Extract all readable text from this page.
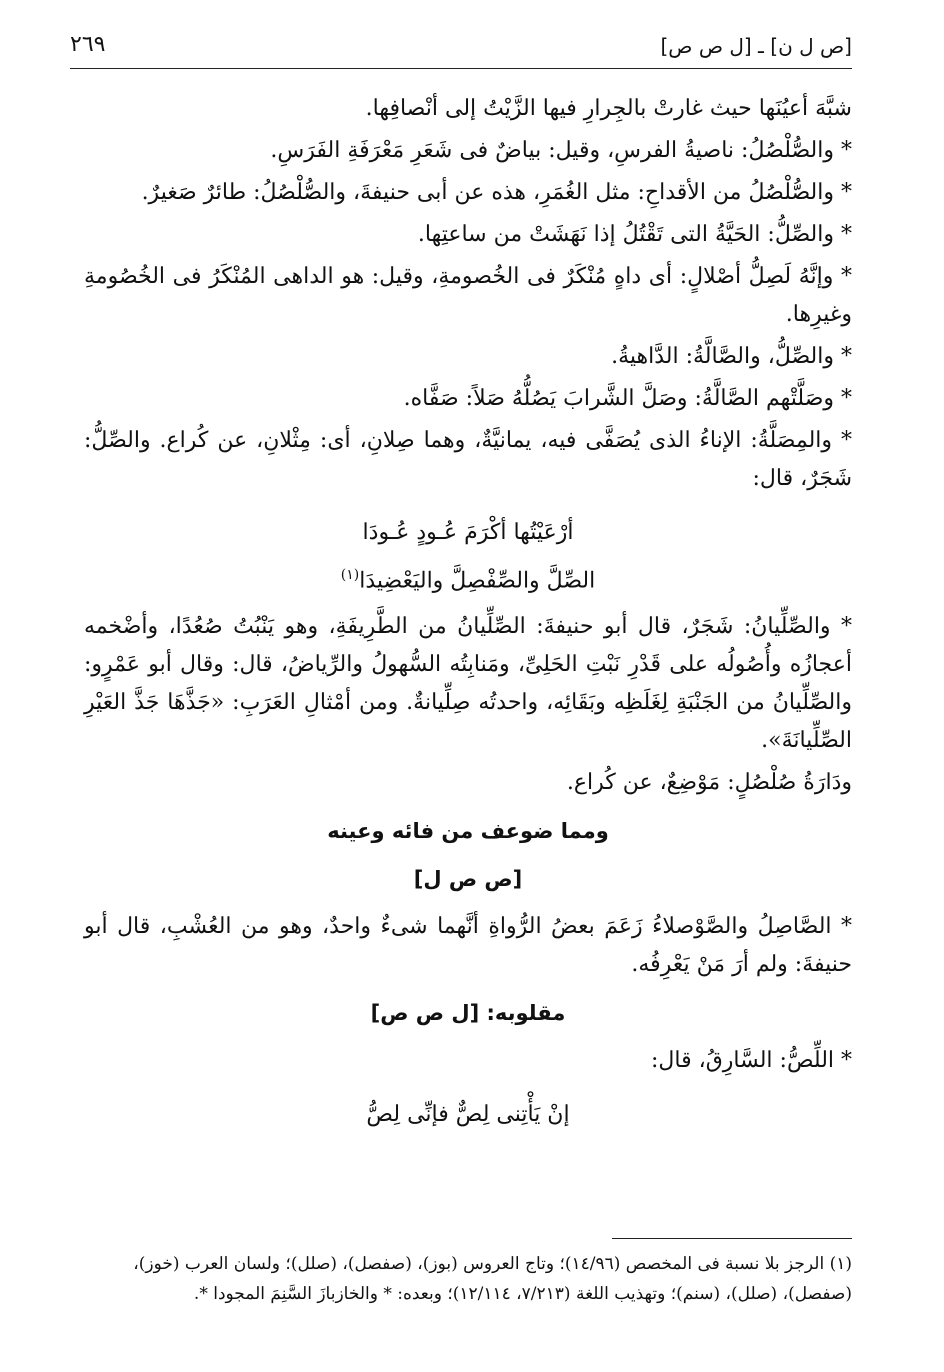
٢٦٩	[ص ل ن] ـ [ل ص ص]

شبَّهَ أعيُنَها حيث غارتْ بالجِرارِ فيها الزَّيْتُ إلى أنْصافِها.

* والصُّلْصُلُ: ناصيةُ الفرسِ، وقيل: بياضٌ فى شَعَرِ مَعْرَفَةِ الفَرَسِ.

* والصُّلْصُلُ من الأقداحِ: مثل الغُمَرِ، هذه عن أبى حنيفةَ، والصُّلْصُلُ: طائرٌ صَغيرٌ.

* والصِّلُّ: الحَيَّةُ التى تَقْتُلُ إذا نَهَشَتْ من ساعتِها.

* وإنَّهُ لَصِلُّ أصْلالٍ: أى داهٍ مُنْكَرٌ فى الخُصومةِ، وقيل: هو الداهى المُنْكَرُ فى الخُصُومةِ وغيرِها.

* والصِّلُّ، والصَّالَّةُ: الدَّاهيةُ.

* وصَلَّتْهم الصَّالَّةُ: وصَلَّ الشَّرابَ يَصُلُّهُ صَلاً: صَفَّاه.

* والمِصَلَّةُ: الإناءُ الذى يُصَفَّى فيه، يمانيَّةٌ، وهما صِلانِ، أى: مِثْلانِ، عن كُراع. والصِّلُّ: شَجَرٌ، قال:

أرْعَيْتُها أكْرَمَ عُـودٍ عُـودَا
الصِّلَّ والصِّفْصِلَّ واليَعْضِيدَا$^{(١)}$

* والصِّلِّيانُ: شَجَرٌ، قال أبو حنيفةَ: الصِّلِّيانُ من الطَّرِيفَةِ، وهو يَنْبُتُ صُعُدًا، وأضْخمه أعجازُه وأُصُولُه على قَدْرِ نَبْتِ الحَلِىِّ، ومَنابِتُه السُّهولُ والرِّياضُ، قال: وقال أبو عَمْرٍو: والصِّلِّيانُ من الجَنْبَةِ لِغَلَظِه وبَقَائِه، واحدتُه صِلِّيانةٌ. ومن أمْثالِ العَرَبِ: «جَذَّهَا جَذَّ العَيْرِ الصِّلِّيانَةَ».

ودَارَةُ صُلْصُلٍ: مَوْضِعٌ، عن كُراع.

ومما ضوعف من فائه وعينه
[ص ص ل]

* الصَّاصِلُ والصَّوْصلاءُ زَعَمَ بعضُ الرُّواةِ أنَّهما شىءٌ واحدٌ، وهو من العُشْبِ، قال أبو حنيفةَ: ولم أرَ مَنْ يَعْرِفُه.

مقلوبه: [ل ص ص]

* اللِّصُّ: السَّارِقُ، قال:

إنْ يَأْتِنى لِصٌّ فإنِّى لِصُّ

(١) الرجز بلا نسبة فى المخصص (١٤/٩٦)؛ وتاج العروس (بوز)، (صفصل)، (صلل)؛ ولسان العرب (خوز)، (صفصل)، (صلل)، (سنم)؛ وتهذيب اللغة (٧/٢١٣، ١٢/١١٤)؛ وبعده: * والخازبازَ السَّنِمَ المجودا *.
